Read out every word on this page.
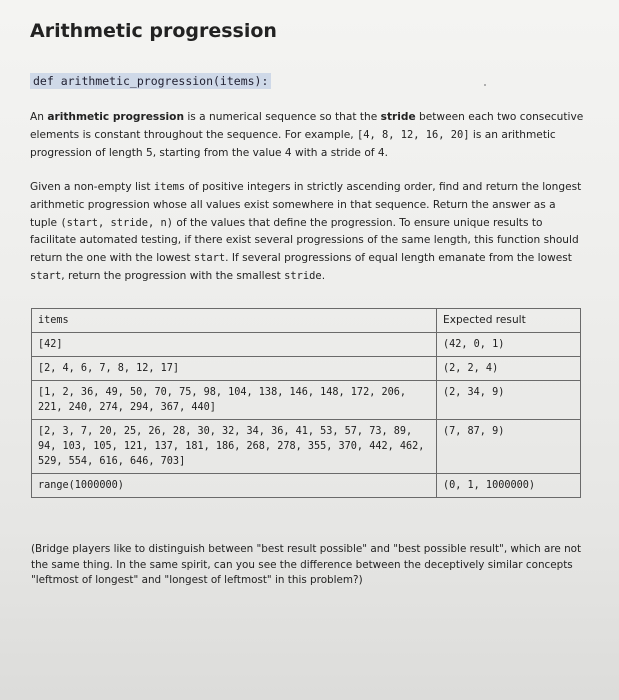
Arithmetic progression
def arithmetic_progression(items):
An arithmetic progression is a numerical sequence so that the stride between each two consecutive elements is constant throughout the sequence. For example, [4, 8, 12, 16, 20] is an arithmetic progression of length 5, starting from the value 4 with a stride of 4.
Given a non-empty list items of positive integers in strictly ascending order, find and return the longest arithmetic progression whose all values exist somewhere in that sequence. Return the answer as a tuple (start, stride, n) of the values that define the progression. To ensure unique results to facilitate automated testing, if there exist several progressions of the same length, this function should return the one with the lowest start. If several progressions of equal length emanate from the lowest start, return the progression with the smallest stride.
items	Expected result
[42]	(42, 0, 1)
[2, 4, 6, 7, 8, 12, 17]	(2, 2, 4)
[1, 2, 36, 49, 50, 70, 75, 98, 104, 138, 146, 148, 172, 206, 221, 240, 274, 294, 367, 440]	(2, 34, 9)
[2, 3, 7, 20, 25, 26, 28, 30, 32, 34, 36, 41, 53, 57, 73, 89, 94, 103, 105, 121, 137, 181, 186, 268, 278, 355, 370, 442, 462, 529, 554, 616, 646, 703]	(7, 87, 9)
range(1000000)	(0, 1, 1000000)
(Bridge players like to distinguish between "best result possible" and "best possible result", which are not the same thing. In the same spirit, can you see the difference between the deceptively similar concepts "leftmost of longest" and "longest of leftmost" in this problem?)
